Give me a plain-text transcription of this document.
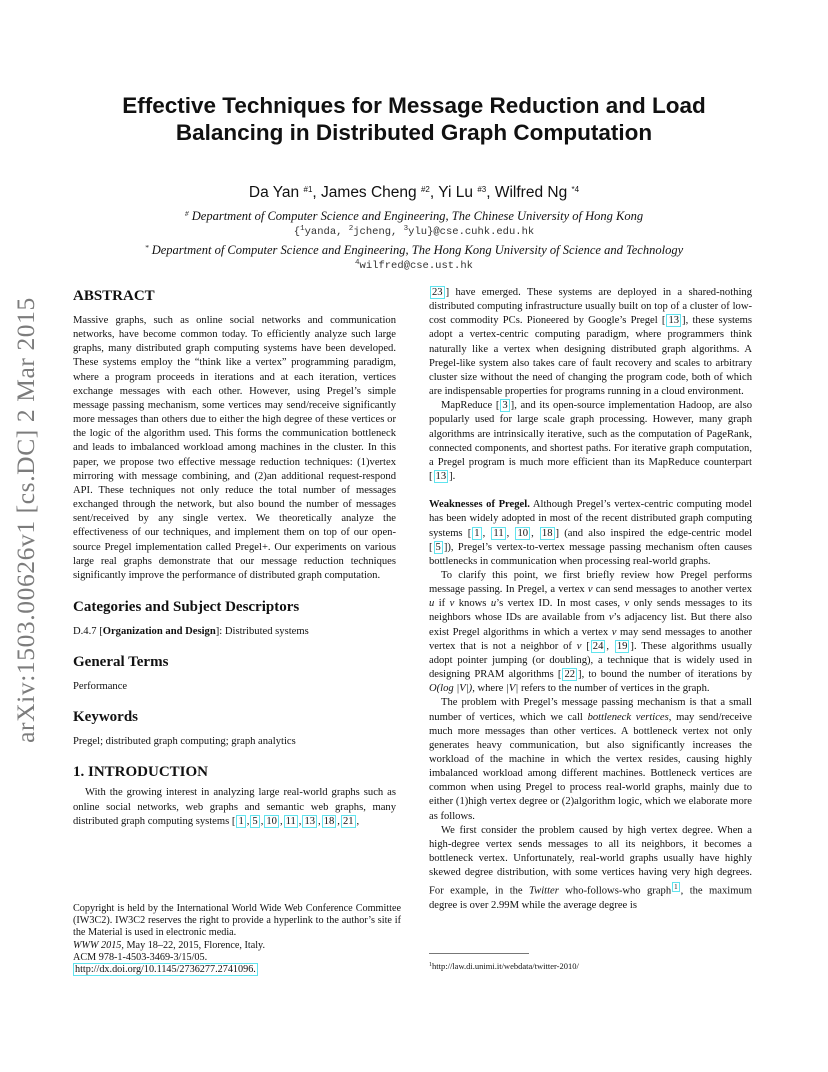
arXiv:1503.00626v1 [cs.DC] 2 Mar 2015
Effective Techniques for Message Reduction and Load
Balancing in Distributed Graph Computation
Da Yan $^{\#1}$, James Cheng $^{\#2}$, Yi Lu $^{\#3}$, Wilfred Ng $^{*4}$
# Department of Computer Science and Engineering, The Chinese University of Hong Kong
{$^1$yanda, $^2$jcheng, $^3$ylu}@cse.cuhk.edu.hk
* Department of Computer Science and Engineering, The Hong Kong University of Science and Technology
$^4$wilfred@cse.ust.hk
ABSTRACT

Massive graphs, such as online social networks and communication networks, have become common today. To efficiently analyze such large graphs, many distributed graph computing systems have been developed. These systems employ the “think like a vertex” programming paradigm, where a program proceeds in iterations and at each iteration, vertices exchange messages with each other. However, using Pregel’s simple message passing mechanism, some vertices may send/receive significantly more messages than others due to either the high degree of these vertices or the logic of the algorithm used. This forms the communication bottleneck and leads to imbalanced workload among machines in the cluster. In this paper, we propose two effective message reduction techniques: (1)vertex mirroring with message combining, and (2)an additional request-respond API. These techniques not only reduce the total number of messages exchanged through the network, but also bound the number of messages sent/received by any single vertex. We theoretically analyze the effectiveness of our techniques, and implement them on top of our open-source Pregel implementation called Pregel+. Our experiments on various large real graphs demonstrate that our message reduction techniques significantly improve the performance of distributed graph computation.

Categories and Subject Descriptors

D.4.7 [Organization and Design]: Distributed systems

General Terms

Performance

Keywords

Pregel; distributed graph computing; graph analytics

1. INTRODUCTION

With the growing interest in analyzing large real-world graphs such as online social networks, web graphs and semantic web graphs, many distributed graph computing systems [ 1 , 5 , 10 , 11 , 13 , 18 , 21 ,

Copyright is held by the International World Wide Web Conference Committee (IW3C2). IW3C2 reserves the right to provide a hyperlink to the author’s site if the Material is used in electronic media.
WWW 2015, May 18–22, 2015, Florence, Italy.
ACM 978-1-4503-3469-3/15/05.
http://dx.doi.org/10.1145/2736277.2741096.

23 ] have emerged. These systems are deployed in a shared-nothing distributed computing infrastructure usually built on top of a cluster of low-cost commodity PCs. Pioneered by Google’s Pregel [ 13 ], these systems adopt a vertex-centric computing paradigm, where programmers think naturally like a vertex when designing distributed graph algorithms. A Pregel-like system also takes care of fault recovery and scales to arbitrary cluster size without the need of changing the program code, both of which are indispensable properties for programs running in a cloud environment.

MapReduce [ 3 ], and its open-source implementation Hadoop, are also popularly used for large scale graph processing. However, many graph algorithms are intrinsically iterative, such as the computation of PageRank, connected components, and shortest paths. For iterative graph computation, a Pregel program is much more efficient than its MapReduce counterpart [ 13 ].

Weaknesses of Pregel. Although Pregel’s vertex-centric computing model has been widely adopted in most of the recent distributed graph computing systems [ 1 , 11 , 10 , 18 ] (and also inspired the edge-centric model [ 5 ]), Pregel’s vertex-to-vertex message passing mechanism often causes bottlenecks in communication when processing real-world graphs.

To clarify this point, we first briefly review how Pregel performs message passing. In Pregel, a vertex v can send messages to another vertex u if v knows u’s vertex ID. In most cases, v only sends messages to its neighbors whose IDs are available from v’s adjacency list. But there also exist Pregel algorithms in which a vertex v may send messages to another vertex that is not a neighbor of v [ 24 , 19 ]. These algorithms usually adopt pointer jumping (or doubling), a technique that is widely used in designing PRAM algorithms [ 22 ], to bound the number of iterations by O(log |V|), where |V| refers to the number of vertices in the graph.

The problem with Pregel’s message passing mechanism is that a small number of vertices, which we call bottleneck vertices, may send/receive much more messages than other vertices. A bottleneck vertex not only generates heavy communication, but also significantly increases the workload of the machine in which the vertex resides, causing highly imbalanced workload among different machines. Bottleneck vertices are common when using Pregel to process real-world graphs, mainly due to either (1)high vertex degree or (2)algorithm logic, which we elaborate more as follows.

We first consider the problem caused by high vertex degree. When a high-degree vertex sends messages to all its neighbors, it becomes a bottleneck vertex. Unfortunately, real-world graphs usually have highly skewed degree distribution, with some vertices having very high degrees. For example, in the Twitter who-follows-who graph $^1$ , the maximum degree is over 2.99M while the average degree is

$^1$http://law.di.unimi.it/webdata/twitter-2010/
